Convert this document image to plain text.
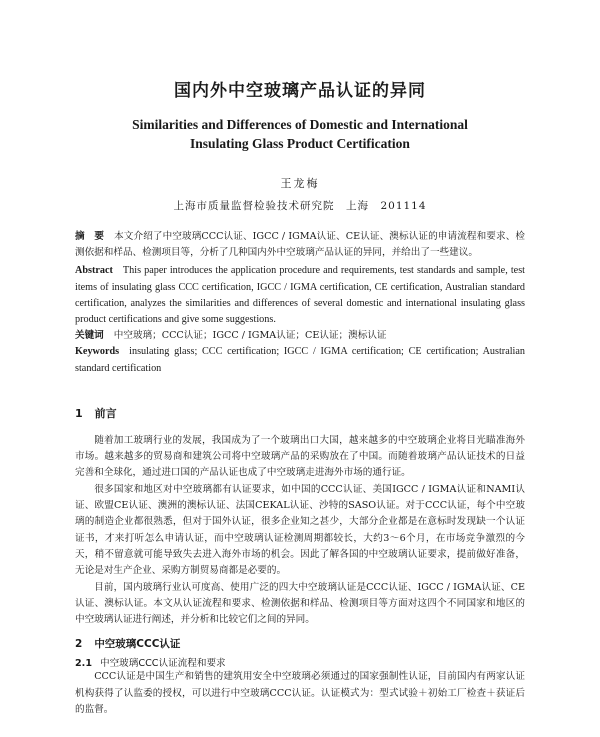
国内外中空玻璃产品认证的异同
Similarities and Differences of Domestic and International
Insulating Glass Product Certification
王龙梅
上海市质量监督检验技术研究院　上海　201114
摘　要 本文介绍了中空玻璃CCC认证、IGCC / IGMA认证、CE认证、澳标认证的申请流程和要求、检测依据和样品、检测项目等，分析了几种国内外中空玻璃产品认证的异同，并给出了一些建议。
Abstract This paper introduces the application procedure and requirements, test standards and sample, test items of insulating glass CCC certification, IGCC / IGMA certification, CE certification, Australian standard certification, analyzes the similarities and differences of several domestic and international insulating glass product certifications and give some suggestions.
关键词 中空玻璃；CCC认证；IGCC / IGMA认证；CE认证；澳标认证
Keywords insulating glass; CCC certification; IGCC / IGMA certification; CE certification; Australian standard certification
1 前言

随着加工玻璃行业的发展，我国成为了一个玻璃出口大国，越来越多的中空玻璃企业将目光瞄准海外市场。越来越多的贸易商和建筑公司将中空玻璃产品的采购放在了中国。而随着玻璃产品认证技术的日益完善和全球化，通过进口国的产品认证也成了中空玻璃走进海外市场的通行证。

很多国家和地区对中空玻璃都有认证要求，如中国的CCC认证、美国IGCC / IGMA认证和NAMI认证、欧盟CE认证、澳洲的澳标认证、法国CEKAL认证、沙特的SASO认证。对于CCC认证，每个中空玻璃的制造企业都很熟悉，但对于国外认证，很多企业知之甚少，大部分企业都是在意标时发现缺一个认证证书，才来打听怎么申请认证，而中空玻璃认证检测周期都较长，大约3～6个月，在市场竞争激烈的今天，稍不留意就可能导致失去进入海外市场的机会。因此了解各国的中空玻璃认证要求，提前做好准备，无论是对生产企业、采购方制贸易商都是必要的。

目前，国内玻璃行业认可度高、使用广泛的四大中空玻璃认证是CCC认证、IGCC / IGMA认证、CE认证、澳标认证。本文从认证流程和要求、检测依据和样品、检测项目等方面对这四个不同国家和地区的中空玻璃认证进行阐述，并分析和比较它们之间的异同。

2 中空玻璃CCC认证
2.1 中空玻璃CCC认证流程和要求

CCC认证是中国生产和销售的建筑用安全中空玻璃必须通过的国家强制性认证，目前国内有两家认证机构获得了认监委的授权，可以进行中空玻璃CCC认证。认证模式为：型式试验＋初始工厂检查＋获证后的监督。
